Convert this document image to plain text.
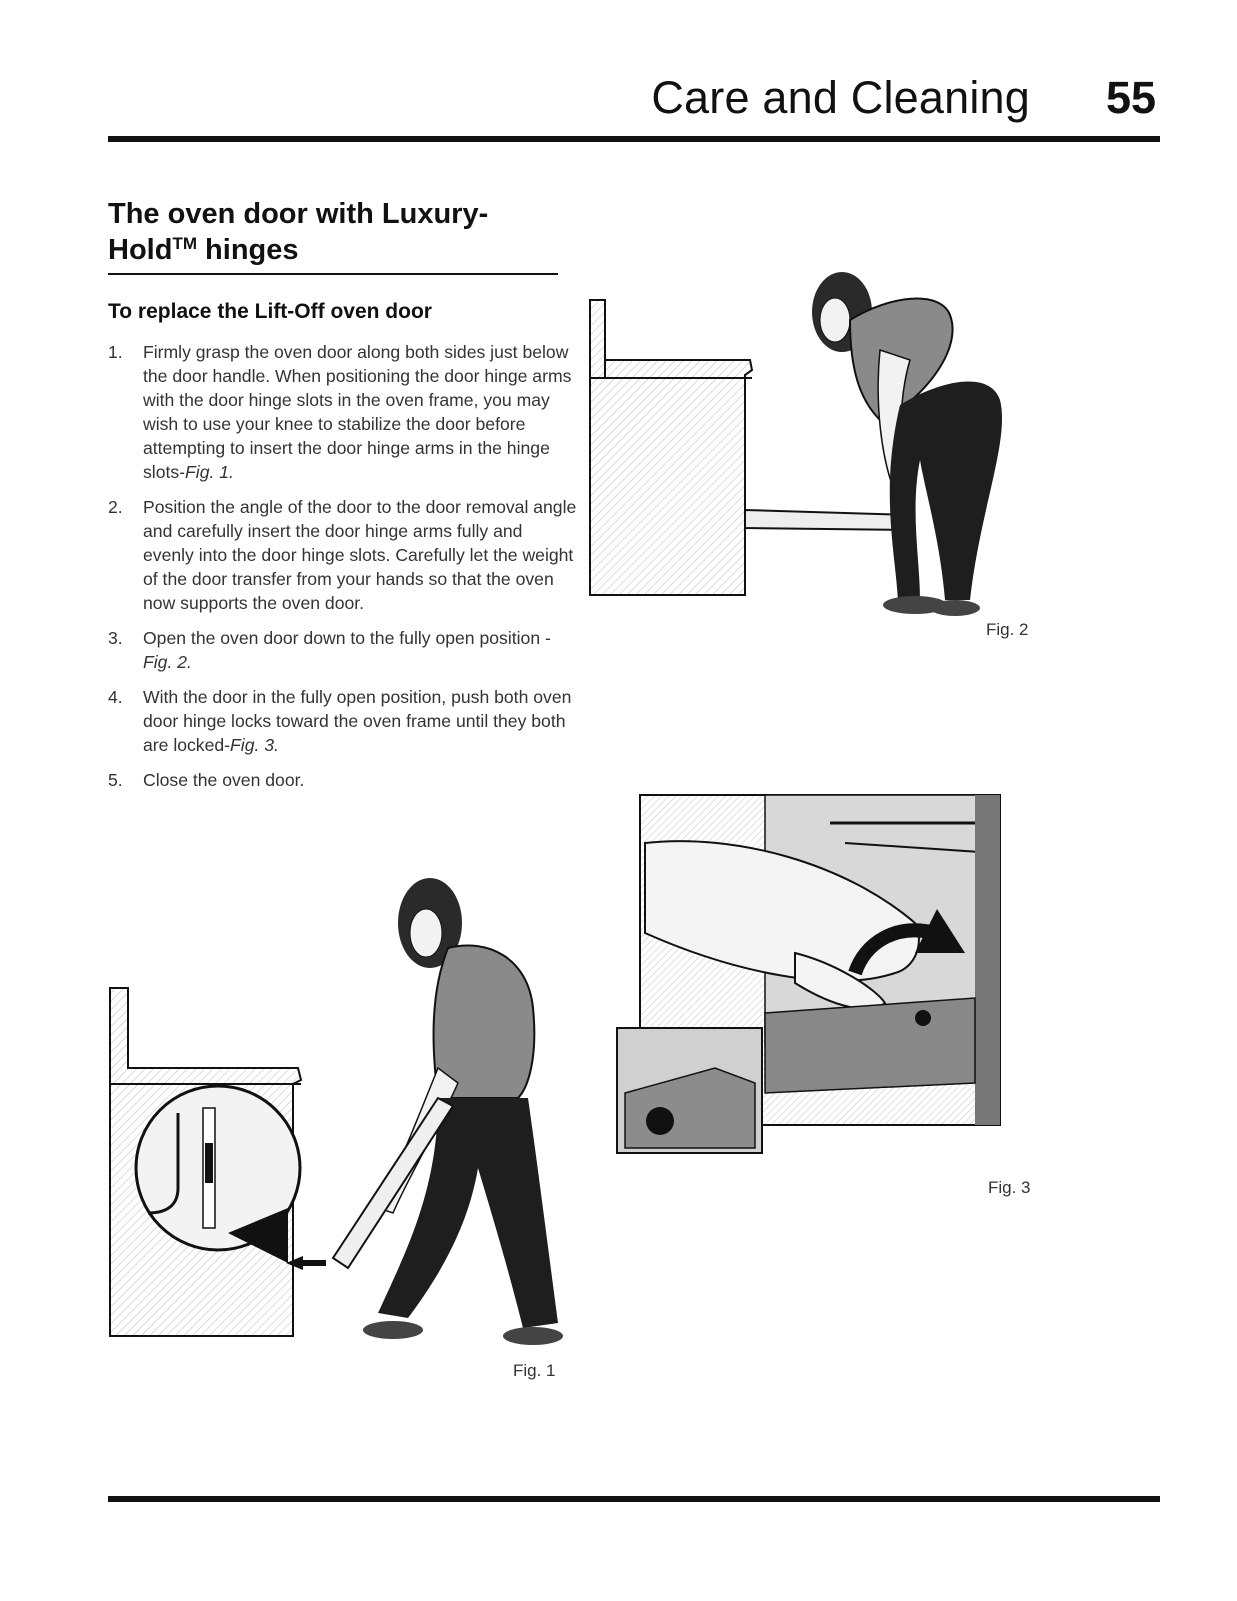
Care and Cleaning 55
The oven door with Luxury-
Hold™ hinges
To replace the Lift-Off oven door
1. Firmly grasp the oven door along both sides just below the door handle. When positioning the door hinge arms with the door hinge slots in the oven frame, you may wish to use your knee to stabilize the door before attempting to insert the door hinge arms in the hinge slots-Fig. 1.
2. Position the angle of the door to the door removal angle and carefully insert the door hinge arms fully and evenly into the door hinge slots. Carefully let the weight of the door transfer from your hands so that the oven now supports the oven door.
3. Open the oven door down to the fully open position -Fig. 2.
4. With the door in the fully open position, push both oven door hinge locks toward the oven frame until they both are locked-Fig. 3.
5. Close the oven door.
Fig. 2
Fig. 3
Fig. 1
